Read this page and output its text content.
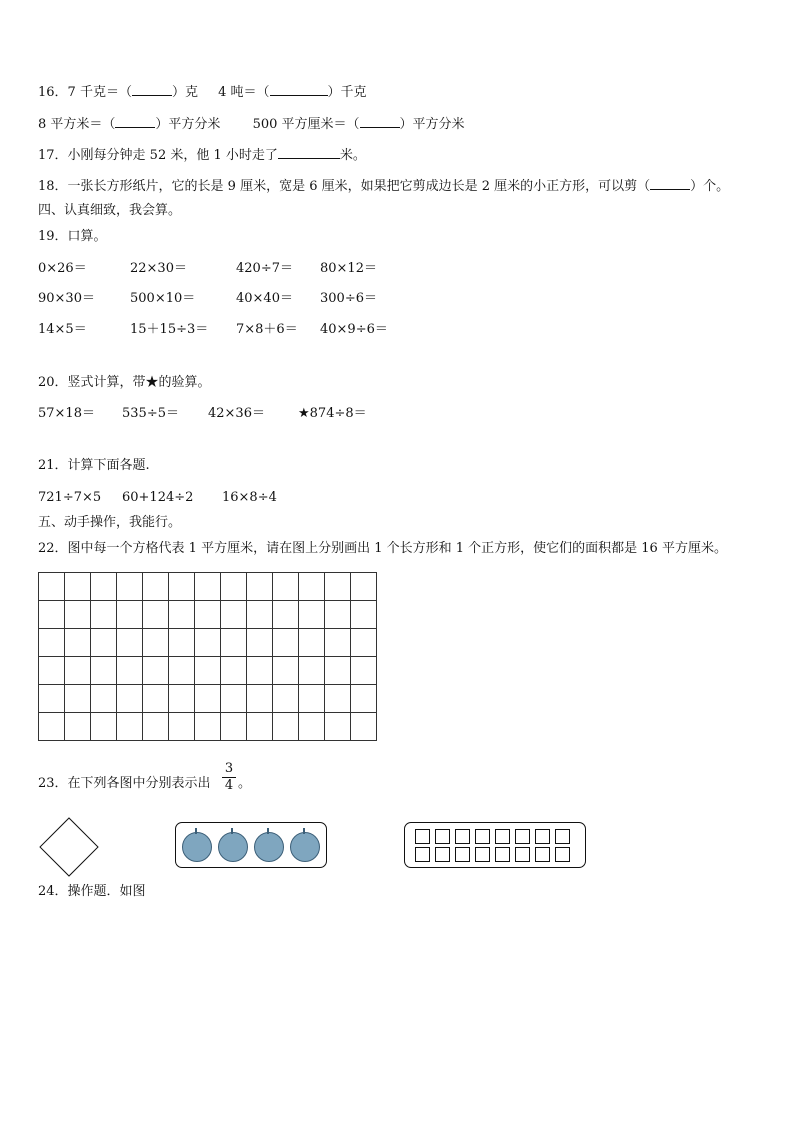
16．7 千克＝（	）克 4 吨＝（	）千克
8 平方米＝（	）平方分米 500 平方厘米＝（	）平方分米
17．小刚每分钟走 52 米，他 1 小时走了	米。
18．一张长方形纸片，它的长是 9 厘米，宽是 6 厘米，如果把它剪成边长是 2 厘米的小正方形，可以剪（	）个。
四、认真细致，我会算。
19．口算。
0×26＝	22×30＝	420÷7＝ 80×12＝
90×30＝	500×10＝	40×40＝ 300÷6＝
14×5＝	15＋15÷3＝ 7×8＋6＝ 40×9÷6＝
20．竖式计算，带★的验算。
57×18＝ 535÷5＝ 42×36＝	★874÷8＝
21．计算下面各题.
721÷7×5 60+124÷2 16×8÷4
五、动手操作，我能行。
22．图中每一个方格代表 1 平方厘米，请在图上分别画出 1 个长方形和 1 个正方形，使它们的面积都是 16 平方厘米。

23．在下列各图中分别表示出
3
4 。
24．操作题．如图
